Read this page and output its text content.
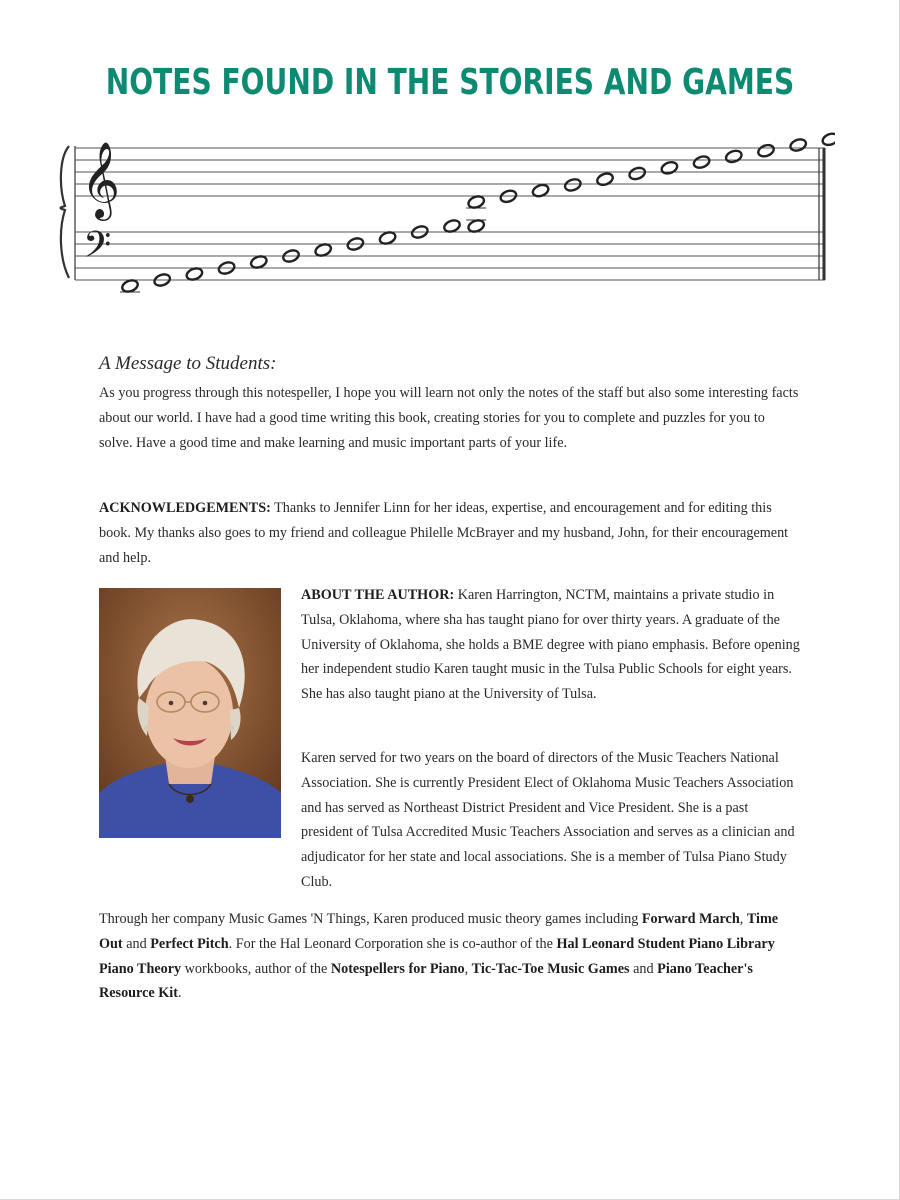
NOTES FOUND IN THE STORIES AND GAMES
𝄞
𝄢

A Message to Students:

As you progress through this notespeller, I hope you will learn not only the notes of the staff but also some interesting facts about our world. I have had a good time writing this book, creating stories for you to complete and puzzles for you to solve. Have a good time and make learning and music important parts of your life.

ACKNOWLEDGEMENTS: Thanks to Jennifer Linn for her ideas, expertise, and encouragement and for editing this book. My thanks also goes to my friend and colleague Philelle McBrayer and my husband, John, for their encouragement and help.

ABOUT THE AUTHOR: Karen Harrington, NCTM, maintains a private studio in Tulsa, Oklahoma, where sha has taught piano for over thirty years. A graduate of the University of Oklahoma, she holds a BME degree with piano emphasis. Before opening her independent studio Karen taught music in the Tulsa Public Schools for eight years. She has also taught piano at the University of Tulsa.

Karen served for two years on the board of directors of the Music Teachers National Association. She is currently President Elect of Oklahoma Music Teachers Association and has served as Northeast District President and Vice President. She is a past president of Tulsa Accredited Music Teachers Association and serves as a clinician and adjudicator for her state and local associations. She is a member of Tulsa Piano Study Club.

Through her company Music Games 'N Things, Karen produced music theory games including Forward March, Time Out and Perfect Pitch. For the Hal Leonard Corporation she is co-author of the Hal Leonard Student Piano Library Piano Theory workbooks, author of the Notespellers for Piano, Tic-Tac-Toe Music Games and Piano Teacher's Resource Kit.
